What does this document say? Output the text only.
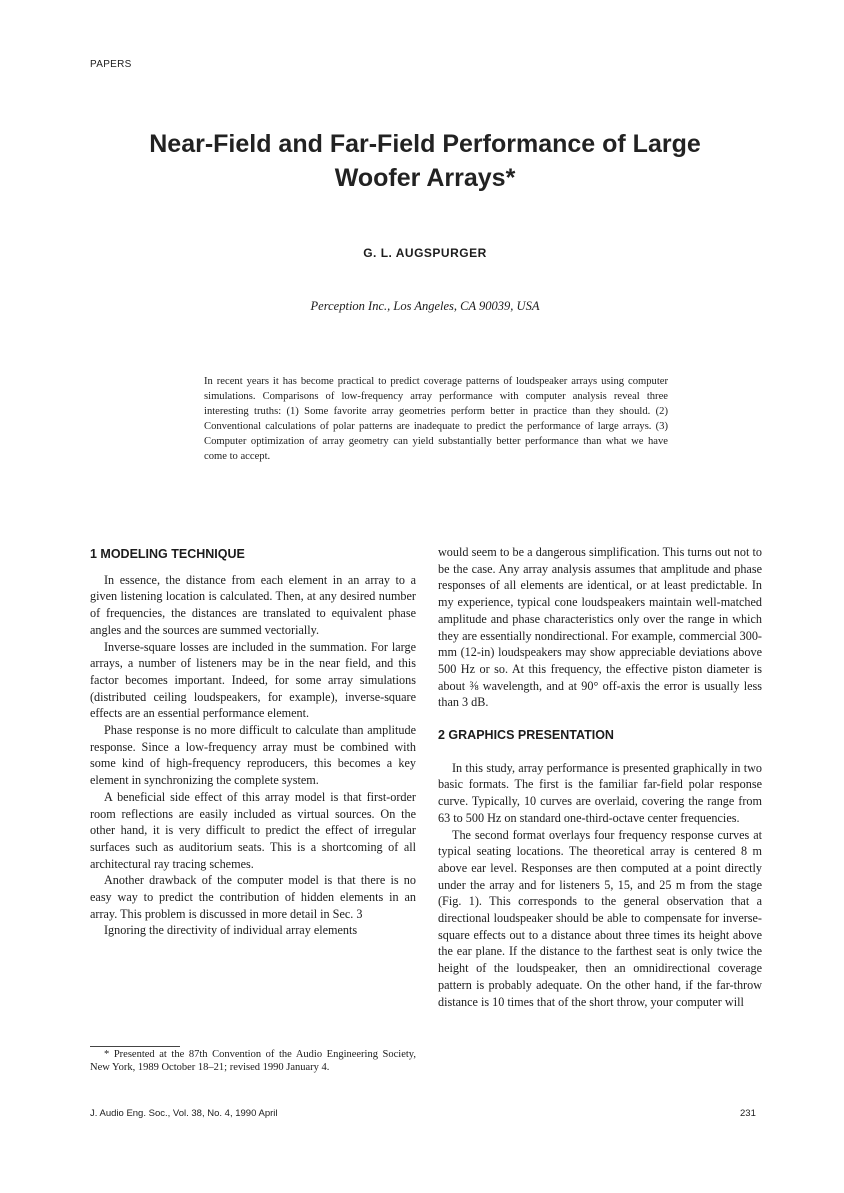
PAPERS
Near-Field and Far-Field Performance of Large
Woofer Arrays*
G. L. AUGSPURGER
Perception Inc., Los Angeles, CA 90039, USA
In recent years it has become practical to predict coverage patterns of loudspeaker arrays using computer simulations. Comparisons of low-frequency array performance with computer analysis reveal three interesting truths: (1) Some favorite array geometries perform better in practice than they should. (2) Conventional calculations of polar patterns are inadequate to predict the performance of large arrays. (3) Computer optimization of array geometry can yield substantially better performance than what we have come to accept.
1 MODELING TECHNIQUE

In essence, the distance from each element in an array to a given listening location is calculated. Then, at any desired number of frequencies, the distances are translated to equivalent phase angles and the sources are summed vectorially.

Inverse-square losses are included in the summation. For large arrays, a number of listeners may be in the near field, and this factor becomes important. Indeed, for some array simulations (distributed ceiling loudspeakers, for example), inverse-square effects are an essential performance element.

Phase response is no more difficult to calculate than amplitude response. Since a low-frequency array must be combined with some kind of high-frequency reproducers, this becomes a key element in synchronizing the complete system.

A beneficial side effect of this array model is that first-order room reflections are easily included as virtual sources. On the other hand, it is very difficult to predict the effect of irregular surfaces such as auditorium seats. This is a shortcoming of all architectural ray tracing schemes.

Another drawback of the computer model is that there is no easy way to predict the contribution of hidden elements in an array. This problem is discussed in more detail in Sec. 3

Ignoring the directivity of individual array elements

would seem to be a dangerous simplification. This turns out not to be the case. Any array analysis assumes that amplitude and phase responses of all elements are identical, or at least predictable. In my experience, typical cone loudspeakers maintain well-matched amplitude and phase characteristics only over the range in which they are essentially nondirectional. For example, commercial 300-mm (12-in) loudspeakers may show appreciable deviations above 500 Hz or so. At this frequency, the effective piston diameter is about ⅜ wavelength, and at 90° off-axis the error is usually less than 3 dB.

2 GRAPHICS PRESENTATION

In this study, array performance is presented graphically in two basic formats. The first is the familiar far-field polar response curve. Typically, 10 curves are overlaid, covering the range from 63 to 500 Hz on standard one-third-octave center frequencies.

The second format overlays four frequency response curves at typical seating locations. The theoretical array is centered 8 m above ear level. Responses are then computed at a point directly under the array and for listeners 5, 15, and 25 m from the stage (Fig. 1). This corresponds to the general observation that a directional loudspeaker should be able to compensate for inverse-square effects out to a distance about three times its height above the ear plane. If the distance to the farthest seat is only twice the height of the loudspeaker, then an omnidirectional coverage pattern is probably adequate. On the other hand, if the far-throw distance is 10 times that of the short throw, your computer will

* Presented at the 87th Convention of the Audio Engineering Society, New York, 1989 October 18–21; revised 1990 January 4.
J. Audio Eng. Soc., Vol. 38, No. 4, 1990 April	231
